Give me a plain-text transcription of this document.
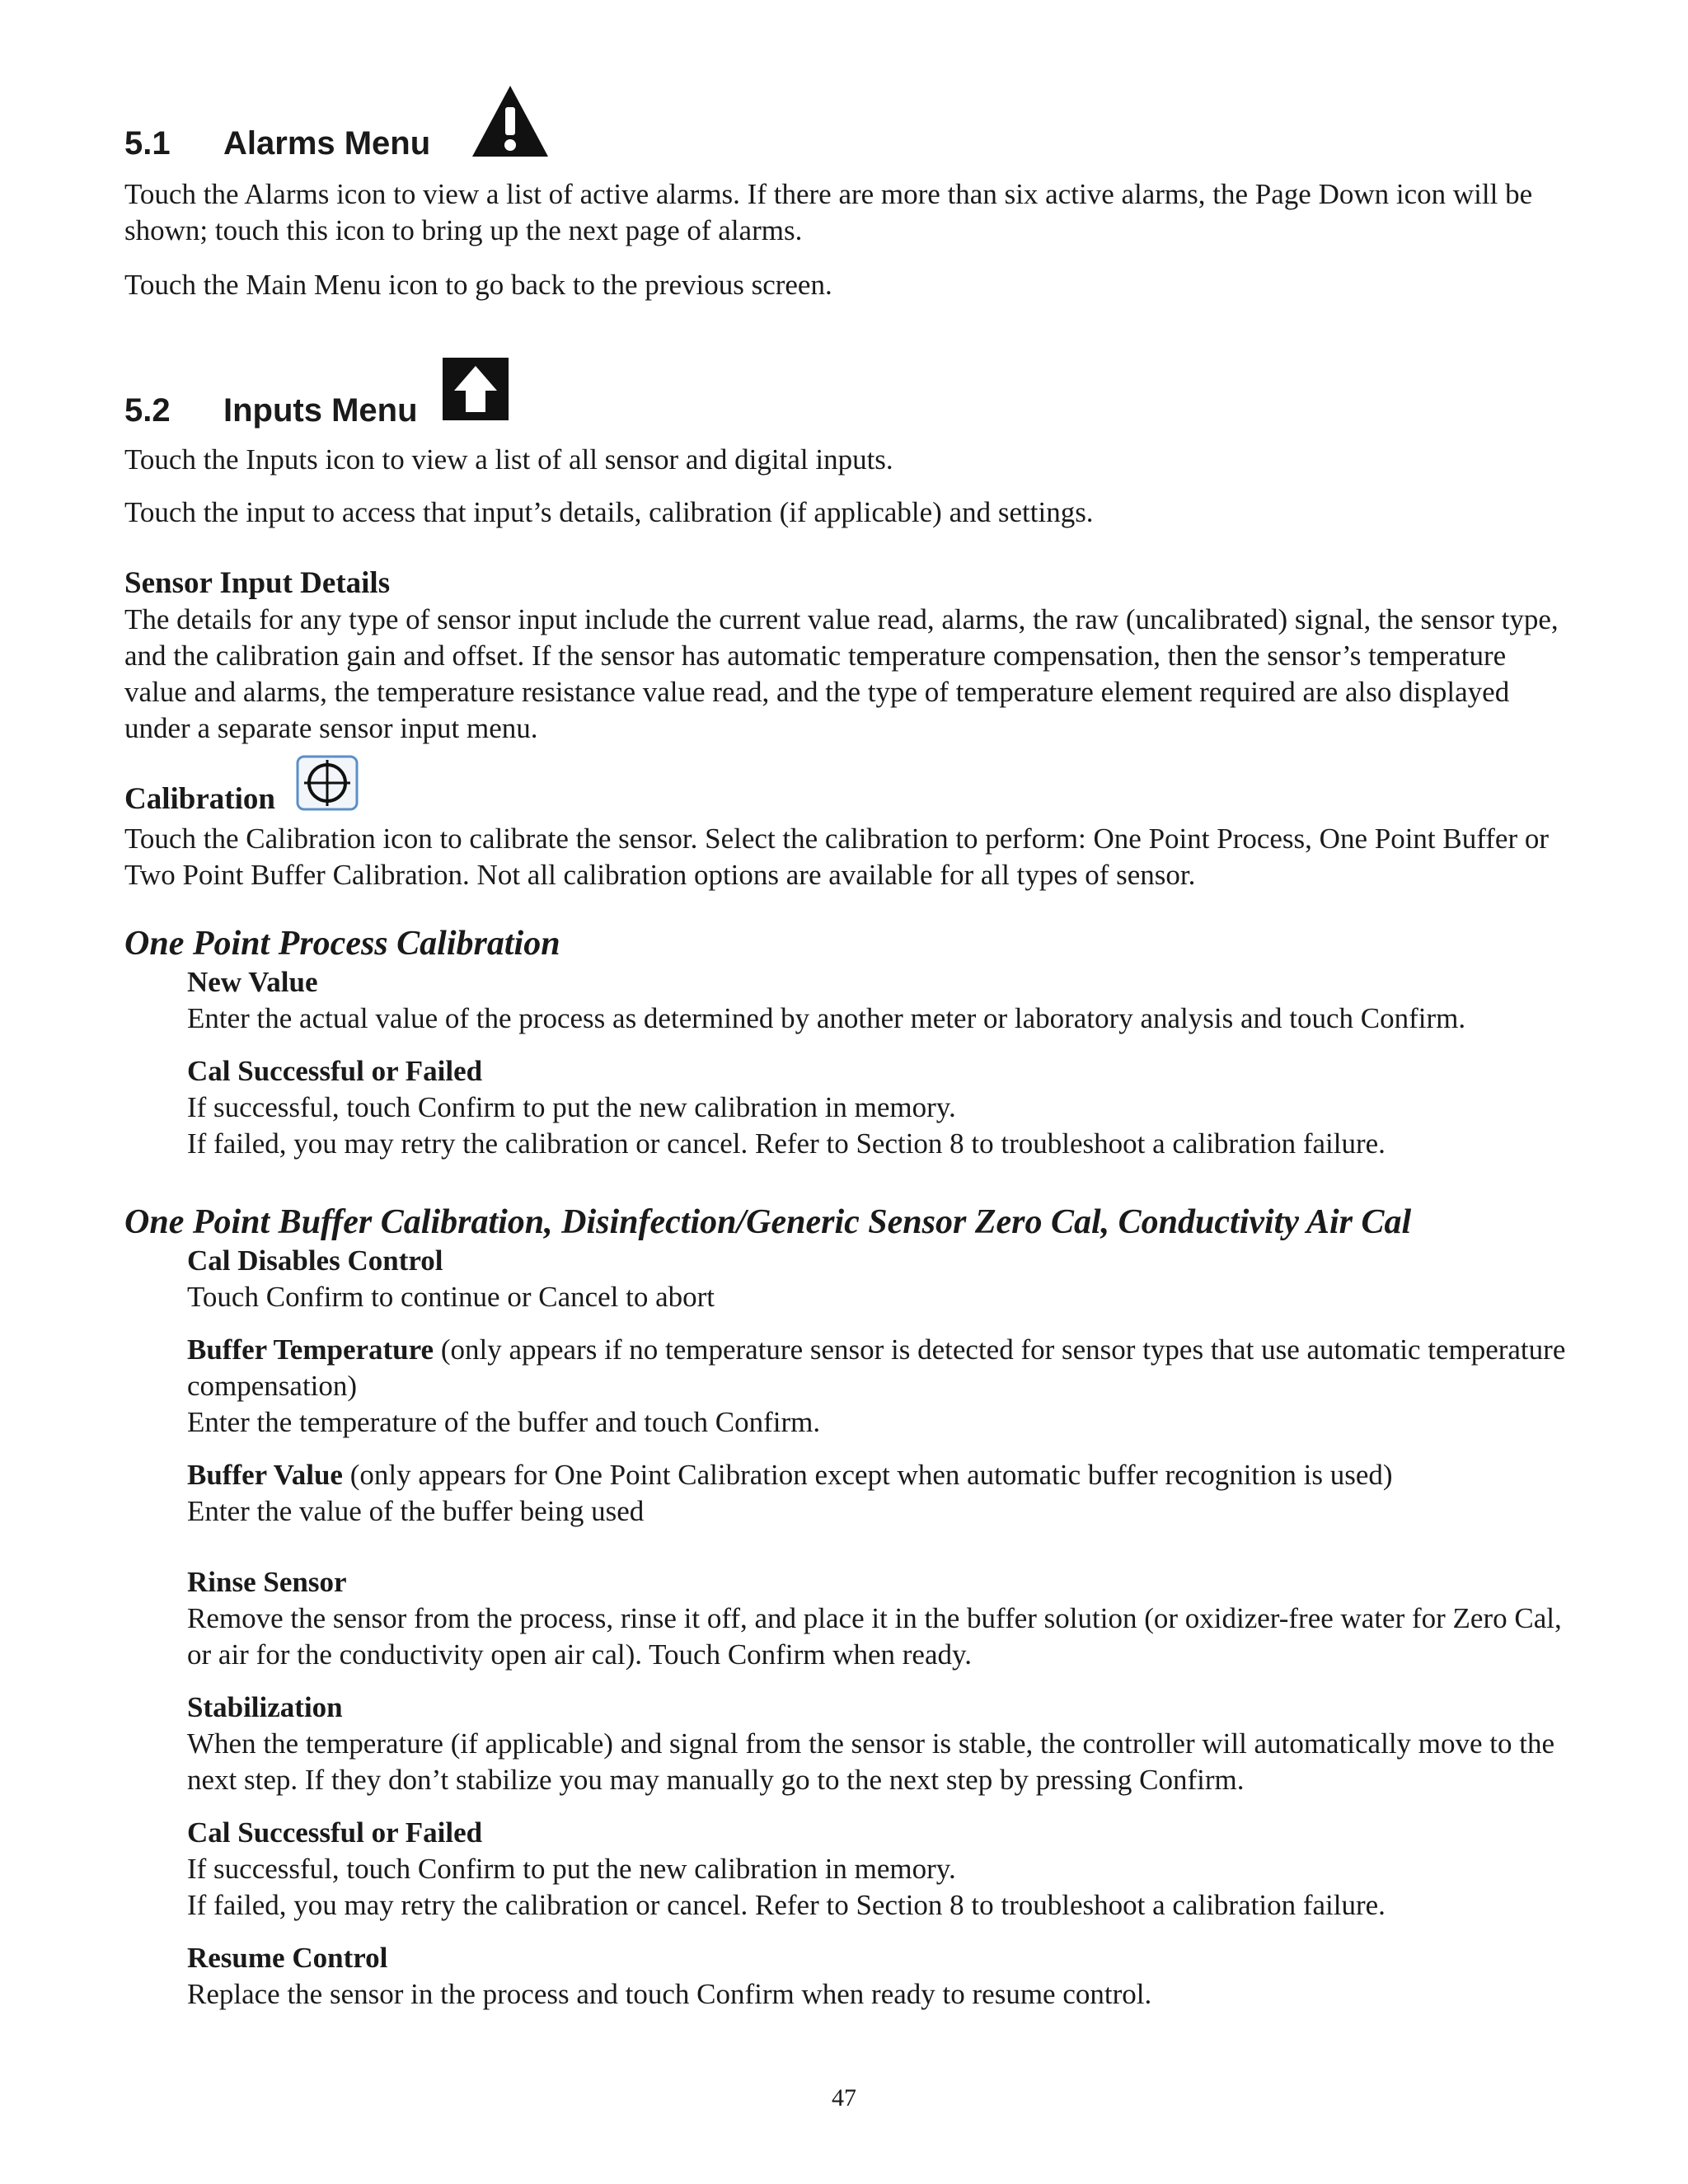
5.1 Alarms Menu

Touch the Alarms icon to view a list of active alarms. If there are more than six active alarms, the Page Down icon will be shown; touch this icon to bring up the next page of alarms.

Touch the Main Menu icon to go back to the previous screen.

5.2 Inputs Menu

Touch the Inputs icon to view a list of all sensor and digital inputs.

Touch the input to access that input’s details, calibration (if applicable) and settings.

Sensor Input Details

The details for any type of sensor input include the current value read, alarms, the raw (uncalibrated) signal, the sensor type, and the calibration gain and offset. If the sensor has automatic temperature compensation, then the sensor’s temperature value and alarms, the temperature resistance value read, and the type of temperature element required are also displayed under a separate sensor input menu.

Calibration

Touch the Calibration icon to calibrate the sensor. Select the calibration to perform: One Point Process, One Point Buffer or Two Point Buffer Calibration. Not all calibration options are available for all types of sensor.

One Point Process Calibration
New Value

Enter the actual value of the process as determined by another meter or laboratory analysis and touch Confirm.

Cal Successful or Failed

If successful, touch Confirm to put the new calibration in memory.

If failed, you may retry the calibration or cancel. Refer to Section 8 to troubleshoot a calibration failure.

One Point Buffer Calibration, Disinfection/Generic Sensor Zero Cal, Conductivity Air Cal
Cal Disables Control

Touch Confirm to continue or Cancel to abort

Buffer Temperature (only appears if no temperature sensor is detected for sensor types that use automatic temperature compensation)

Enter the temperature of the buffer and touch Confirm.

Buffer Value (only appears for One Point Calibration except when automatic buffer recognition is used)

Enter the value of the buffer being used

Rinse Sensor

Remove the sensor from the process, rinse it off, and place it in the buffer solution (or oxidizer-free water for Zero Cal, or air for the conductivity open air cal). Touch Confirm when ready.

Stabilization

When the temperature (if applicable) and signal from the sensor is stable, the controller will automatically move to the next step. If they don’t stabilize you may manually go to the next step by pressing Confirm.

Cal Successful or Failed

If successful, touch Confirm to put the new calibration in memory.

If failed, you may retry the calibration or cancel. Refer to Section 8 to troubleshoot a calibration failure.

Resume Control

Replace the sensor in the process and touch Confirm when ready to resume control.

47
